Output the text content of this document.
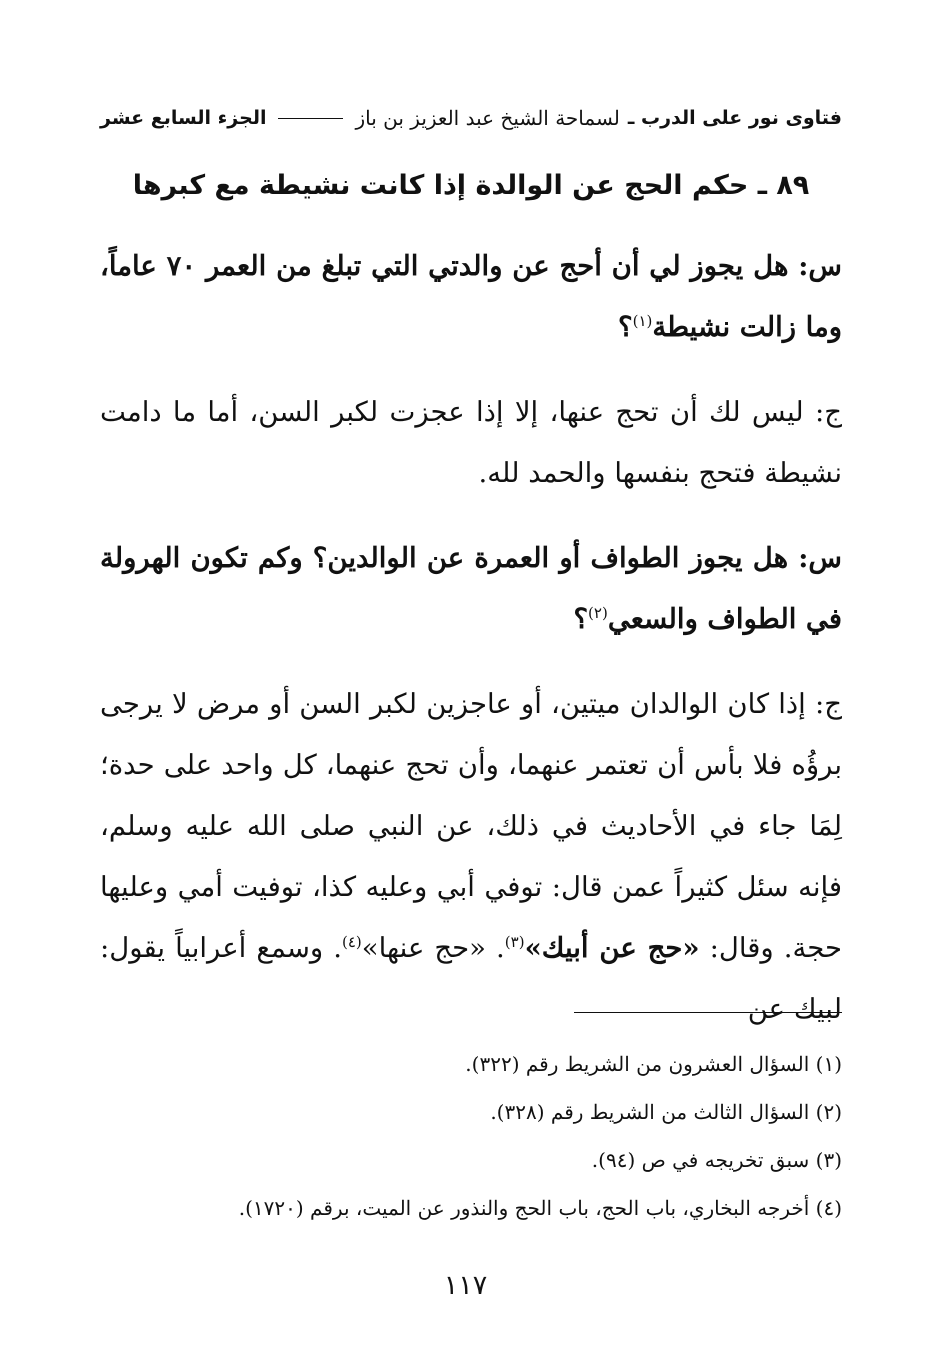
فتاوى نور على الدرب ـ
لسماحة الشيخ عبد العزيز بن باز
الجزء السابع عشر
٨٩ ـ حكم الحج عن الوالدة إذا كانت نشيطة مع كبرها

س: هل يجوز لي أن أحج عن والدتي التي تبلغ من العمر ٧٠ عاماً، وما زالت نشيطة$^{(١)}$؟

ج: ليس لك أن تحج عنها، إلا إذا عجزت لكبر السن، أما ما دامت نشيطة فتحج بنفسها والحمد لله.

س: هل يجوز الطواف أو العمرة عن الوالدين؟ وكم تكون الهرولة في الطواف والسعي$^{(٢)}$؟

ج: إذا كان الوالدان ميتين، أو عاجزين لكبر السن أو مرض لا يرجى برؤُه فلا بأس أن تعتمر عنهما، وأن تحج عنهما، كل واحد على حدة؛ لِمَا جاء في الأحاديث في ذلك، عن النبي صلى الله عليه وسلم، فإنه سئل كثيراً عمن قال: توفي أبي وعليه كذا، توفيت أمي وعليها حجة. وقال: «حج عن أبيك»$^{(٣)}$. «حج عنها»$^{(٤)}$. وسمع أعرابياً يقول: لبيك عن

(١) السؤال العشرون من الشريط رقم (٣٢٢).

(٢) السؤال الثالث من الشريط رقم (٣٢٨).

(٣) سبق تخريجه في ص (٩٤).

(٤) أخرجه البخاري، باب الحج، باب الحج والنذور عن الميت، برقم (١٧٢٠).

١١٧
